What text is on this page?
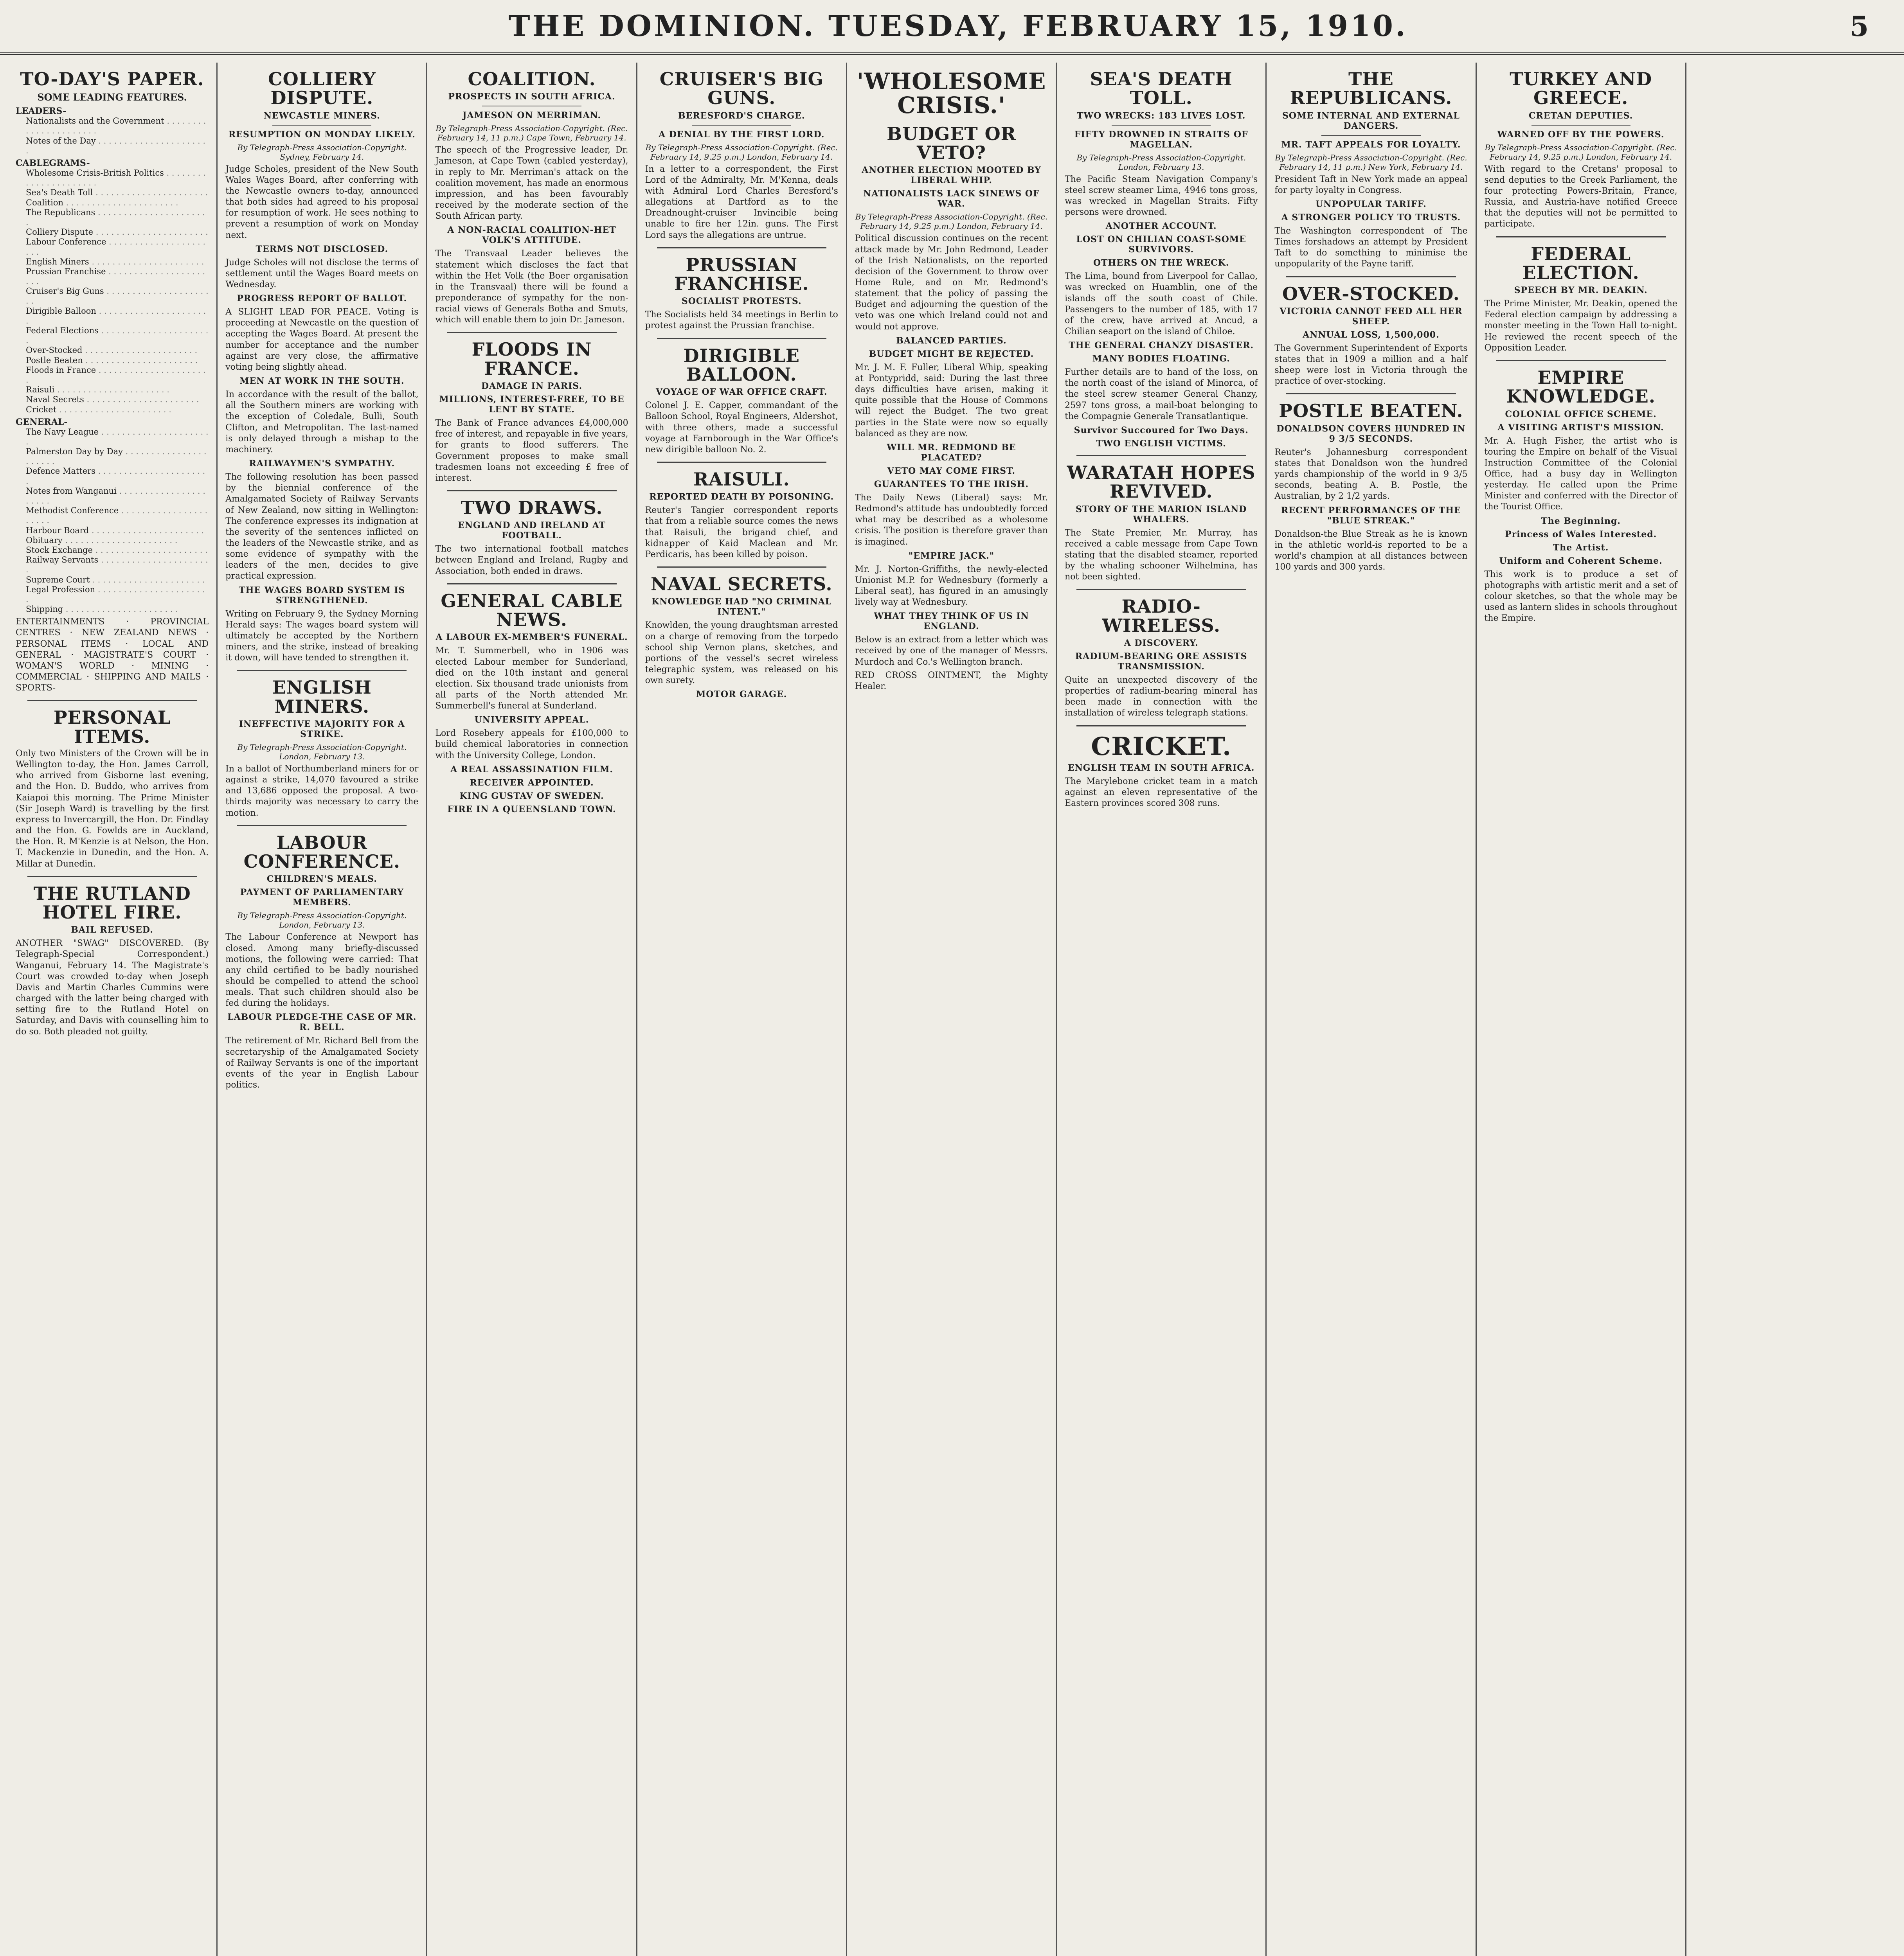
THE DOMINION. TUESDAY, FEBRUARY 15, 1910.	5
TO-DAY'S PAPER.
SOME LEADING FEATURES.
LEADERS-
Nationalists and the Government . . .
Notes of the Day . . .
CABLEGRAMS-
Wholesome Crisis-British Politics . . .
Sea's Death Toll . . .
Coalition . . .
The Republicans . . .
Colliery Dispute . . .
Labour Conference . . .
English Miners . . .
Prussian Franchise . . .
Cruiser's Big Guns . . .
Dirigible Balloon . . .
Federal Elections . . .
Over-Stocked . . .
Postle Beaten . . .
Floods in France . . .
Raisuli . . .
Naval Secrets . . .
Cricket . . .
GENERAL-
The Navy League . . .
Palmerston Day by Day . . .
Defence Matters . . .
Notes from Wanganui . . .
Methodist Conference . . .
Harbour Board . . .
Obituary . . .
Stock Exchange . . .
Railway Servants . . .
Supreme Court . . .
Legal Profession . . .
Shipping . . .
ENTERTAINMENTS · PROVINCIAL CENTRES · NEW ZEALAND NEWS · PERSONAL ITEMS · LOCAL AND GENERAL · MAGISTRATE'S COURT · WOMAN'S WORLD · MINING · COMMERCIAL · SHIPPING AND MAILS · SPORTS-
PERSONAL ITEMS.
Only two Ministers of the Crown will be in Wellington to-day, the Hon. James Carroll, who arrived from Gisborne last evening, and the Hon. D. Buddo, who arrives from Kaiapoi this morning. The Prime Minister (Sir Joseph Ward) is travelling by the first express to Invercargill, the Hon. Dr. Findlay and the Hon. G. Fowlds are in Auckland, the Hon. R. M'Kenzie is at Nelson, the Hon. T. Mackenzie in Dunedin, and the Hon. A. Millar at Dunedin.
THE RUTLAND HOTEL FIRE.
BAIL REFUSED.
ANOTHER "SWAG" DISCOVERED. (By Telegraph-Special Correspondent.) Wanganui, February 14. The Magistrate's Court was crowded to-day when Joseph Davis and Martin Charles Cummins were charged with the latter being charged with setting fire to the Rutland Hotel on Saturday, and Davis with counselling him to do so. Both pleaded not guilty.
COLLIERY DISPUTE.
NEWCASTLE MINERS.
RESUMPTION ON MONDAY LIKELY.
By Telegraph-Press Association-Copyright. Sydney, February 14.
Judge Scholes, president of the New South Wales Wages Board, after conferring with the Newcastle owners to-day, announced that both sides had agreed to his proposal for resumption of work. He sees nothing to prevent a resumption of work on Monday next.
TERMS NOT DISCLOSED.
Judge Scholes will not disclose the terms of settlement until the Wages Board meets on Wednesday.
PROGRESS REPORT OF BALLOT.
A SLIGHT LEAD FOR PEACE. Voting is proceeding at Newcastle on the question of accepting the Wages Board. At present the number for acceptance and the number against are very close, the affirmative voting being slightly ahead.
MEN AT WORK IN THE SOUTH.
In accordance with the result of the ballot, all the Southern miners are working with the exception of Coledale, Bulli, South Clifton, and Metropolitan. The last-named is only delayed through a mishap to the machinery.
RAILWAYMEN'S SYMPATHY.
The following resolution has been passed by the biennial conference of the Amalgamated Society of Railway Servants of New Zealand, now sitting in Wellington: The conference expresses its indignation at the severity of the sentences inflicted on the leaders of the Newcastle strike, and as some evidence of sympathy with the leaders of the men, decides to give practical expression.
THE WAGES BOARD SYSTEM IS STRENGTHENED.
Writing on February 9, the Sydney Morning Herald says: The wages board system will ultimately be accepted by the Northern miners, and the strike, instead of breaking it down, will have tended to strengthen it.
ENGLISH MINERS.
INEFFECTIVE MAJORITY FOR A STRIKE.
By Telegraph-Press Association-Copyright. London, February 13.
In a ballot of Northumberland miners for or against a strike, 14,070 favoured a strike and 13,686 opposed the proposal. A two-thirds majority was necessary to carry the motion.
LABOUR CONFERENCE.
CHILDREN'S MEALS.
PAYMENT OF PARLIAMENTARY MEMBERS.
By Telegraph-Press Association-Copyright. London, February 13.
The Labour Conference at Newport has closed. Among many briefly-discussed motions, the following were carried: That any child certified to be badly nourished should be compelled to attend the school meals. That such children should also be fed during the holidays.
LABOUR PLEDGE-THE CASE OF MR. R. BELL.
The retirement of Mr. Richard Bell from the secretaryship of the Amalgamated Society of Railway Servants is one of the important events of the year in English Labour politics.
COALITION.
PROSPECTS IN SOUTH AFRICA.
JAMESON ON MERRIMAN.
By Telegraph-Press Association-Copyright. (Rec. February 14, 11 p.m.) Cape Town, February 14.
The speech of the Progressive leader, Dr. Jameson, at Cape Town (cabled yesterday), in reply to Mr. Merriman's attack on the coalition movement, has made an enormous impression, and has been favourably received by the moderate section of the South African party.
A NON-RACIAL COALITION-HET VOLK'S ATTITUDE.
The Transvaal Leader believes the statement which discloses the fact that within the Het Volk (the Boer organisation in the Transvaal) there will be found a preponderance of sympathy for the non-racial views of Generals Botha and Smuts, which will enable them to join Dr. Jameson.
FLOODS IN FRANCE.
DAMAGE IN PARIS.
MILLIONS, INTEREST-FREE, TO BE LENT BY STATE.
The Bank of France advances £4,000,000 free of interest, and repayable in five years, for grants to flood sufferers. The Government proposes to make small tradesmen loans not exceeding £ free of interest.
TWO DRAWS.
ENGLAND AND IRELAND AT FOOTBALL.
The two international football matches between England and Ireland, Rugby and Association, both ended in draws.
GENERAL CABLE NEWS.
A LABOUR EX-MEMBER'S FUNERAL.
Mr. T. Summerbell, who in 1906 was elected Labour member for Sunderland, died on the 10th instant and general election. Six thousand trade unionists from all parts of the North attended Mr. Summerbell's funeral at Sunderland.
UNIVERSITY APPEAL.
Lord Rosebery appeals for £100,000 to build chemical laboratories in connection with the University College, London.
A REAL ASSASSINATION FILM.
RECEIVER APPOINTED.
KING GUSTAV OF SWEDEN.
FIRE IN A QUEENSLAND TOWN.
CRUISER'S BIG GUNS.
BERESFORD'S CHARGE.
A DENIAL BY THE FIRST LORD.
By Telegraph-Press Association-Copyright. (Rec. February 14, 9.25 p.m.) London, February 14.
In a letter to a correspondent, the First Lord of the Admiralty, Mr. M'Kenna, deals with Admiral Lord Charles Beresford's allegations at Dartford as to the Dreadnought-cruiser Invincible being unable to fire her 12in. guns. The First Lord says the allegations are untrue.
PRUSSIAN FRANCHISE.
SOCIALIST PROTESTS.
The Socialists held 34 meetings in Berlin to protest against the Prussian franchise.
DIRIGIBLE BALLOON.
VOYAGE OF WAR OFFICE CRAFT.
Colonel J. E. Capper, commandant of the Balloon School, Royal Engineers, Aldershot, with three others, made a successful voyage at Farnborough in the War Office's new dirigible balloon No. 2.
RAISULI.
REPORTED DEATH BY POISONING.
Reuter's Tangier correspondent reports that from a reliable source comes the news that Raisuli, the brigand chief, and kidnapper of Kaid Maclean and Mr. Perdicaris, has been killed by poison.
NAVAL SECRETS.
KNOWLEDGE HAD "NO CRIMINAL INTENT."
Knowlden, the young draughtsman arrested on a charge of removing from the torpedo school ship Vernon plans, sketches, and portions of the vessel's secret wireless telegraphic system, was released on his own surety.
MOTOR GARAGE.
'WHOLESOME CRISIS.'
BUDGET OR VETO?
ANOTHER ELECTION MOOTED BY LIBERAL WHIP.
NATIONALISTS LACK SINEWS OF WAR.
By Telegraph-Press Association-Copyright. (Rec. February 14, 9.25 p.m.) London, February 14.
Political discussion continues on the recent attack made by Mr. John Redmond, Leader of the Irish Nationalists, on the reported decision of the Government to throw over Home Rule, and on Mr. Redmond's statement that the policy of passing the Budget and adjourning the question of the veto was one which Ireland could not and would not approve.
BALANCED PARTIES.
BUDGET MIGHT BE REJECTED.
Mr. J. M. F. Fuller, Liberal Whip, speaking at Pontypridd, said: During the last three days difficulties have arisen, making it quite possible that the House of Commons will reject the Budget. The two great parties in the State were now so equally balanced as they are now.
WILL MR. REDMOND BE PLACATED?
VETO MAY COME FIRST.
GUARANTEES TO THE IRISH.
The Daily News (Liberal) says: Mr. Redmond's attitude has undoubtedly forced what may be described as a wholesome crisis. The position is therefore graver than is imagined.
"EMPIRE JACK."
Mr. J. Norton-Griffiths, the newly-elected Unionist M.P. for Wednesbury (formerly a Liberal seat), has figured in an amusingly lively way at Wednesbury.
WHAT THEY THINK OF US IN ENGLAND.
Below is an extract from a letter which was received by one of the manager of Messrs. Murdoch and Co.'s Wellington branch.
RED CROSS OINTMENT, the Mighty Healer.
SEA'S DEATH TOLL.
TWO WRECKS: 183 LIVES LOST.
FIFTY DROWNED IN STRAITS OF MAGELLAN.
By Telegraph-Press Association-Copyright. London, February 13.
The Pacific Steam Navigation Company's steel screw steamer Lima, 4946 tons gross, was wrecked in Magellan Straits. Fifty persons were drowned.
ANOTHER ACCOUNT.
LOST ON CHILIAN COAST-SOME SURVIVORS.
OTHERS ON THE WRECK.
The Lima, bound from Liverpool for Callao, was wrecked on Huamblin, one of the islands off the south coast of Chile. Passengers to the number of 185, with 17 of the crew, have arrived at Ancud, a Chilian seaport on the island of Chiloe.
THE GENERAL CHANZY DISASTER.
MANY BODIES FLOATING.
Further details are to hand of the loss, on the north coast of the island of Minorca, of the steel screw steamer General Chanzy, 2597 tons gross, a mail-boat belonging to the Compagnie Generale Transatlantique.
Survivor Succoured for Two Days.
TWO ENGLISH VICTIMS.
WARATAH HOPES REVIVED.
STORY OF THE MARION ISLAND WHALERS.
The State Premier, Mr. Murray, has received a cable message from Cape Town stating that the disabled steamer, reported by the whaling schooner Wilhelmina, has not been sighted.
RADIO-WIRELESS.
A DISCOVERY.
RADIUM-BEARING ORE ASSISTS TRANSMISSION.
Quite an unexpected discovery of the properties of radium-bearing mineral has been made in connection with the installation of wireless telegraph stations.
CRICKET.
ENGLISH TEAM IN SOUTH AFRICA.
The Marylebone cricket team in a match against an eleven representative of the Eastern provinces scored 308 runs.
THE REPUBLICANS.
SOME INTERNAL AND EXTERNAL DANGERS.
MR. TAFT APPEALS FOR LOYALTY.
By Telegraph-Press Association-Copyright. (Rec. February 14, 11 p.m.) New York, February 14.
President Taft in New York made an appeal for party loyalty in Congress.
UNPOPULAR TARIFF.
A STRONGER POLICY TO TRUSTS.
The Washington correspondent of The Times forshadows an attempt by President Taft to do something to minimise the unpopularity of the Payne tariff.
OVER-STOCKED.
VICTORIA CANNOT FEED ALL HER SHEEP.
ANNUAL LOSS, 1,500,000.
The Government Superintendent of Exports states that in 1909 a million and a half sheep were lost in Victoria through the practice of over-stocking.
POSTLE BEATEN.
DONALDSON COVERS HUNDRED IN 9 3/5 SECONDS.
Reuter's Johannesburg correspondent states that Donaldson won the hundred yards championship of the world in 9 3/5 seconds, beating A. B. Postle, the Australian, by 2 1/2 yards.
RECENT PERFORMANCES OF THE "BLUE STREAK."
Donaldson-the Blue Streak as he is known in the athletic world-is reported to be a world's champion at all distances between 100 yards and 300 yards.
TURKEY AND GREECE.
CRETAN DEPUTIES.
WARNED OFF BY THE POWERS.
By Telegraph-Press Association-Copyright. (Rec. February 14, 9.25 p.m.) London, February 14.
With regard to the Cretans' proposal to send deputies to the Greek Parliament, the four protecting Powers-Britain, France, Russia, and Austria-have notified Greece that the deputies will not be permitted to participate.
FEDERAL ELECTION.
SPEECH BY MR. DEAKIN.
The Prime Minister, Mr. Deakin, opened the Federal election campaign by addressing a monster meeting in the Town Hall to-night. He reviewed the recent speech of the Opposition Leader.
EMPIRE KNOWLEDGE.
COLONIAL OFFICE SCHEME.
A VISITING ARTIST'S MISSION.
Mr. A. Hugh Fisher, the artist who is touring the Empire on behalf of the Visual Instruction Committee of the Colonial Office, had a busy day in Wellington yesterday. He called upon the Prime Minister and conferred with the Director of the Tourist Office.
The Beginning.
Princess of Wales Interested.
The Artist.
Uniform and Coherent Scheme.
This work is to produce a set of photographs with artistic merit and a set of colour sketches, so that the whole may be used as lantern slides in schools throughout the Empire.
